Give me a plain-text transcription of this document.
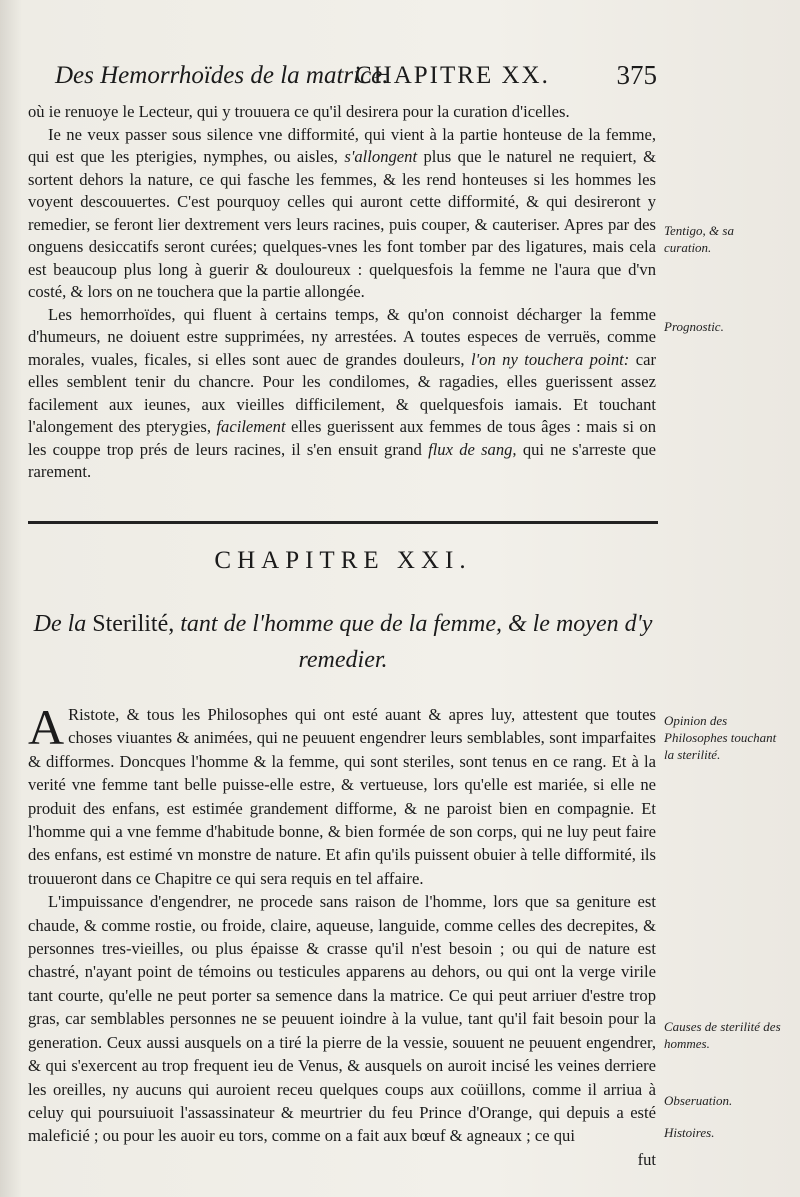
Des Hemorrhoïdes de la matrice.
CHAPITRE XX. 375

où ie renuoye le Lecteur, qui y trouuera ce qu'il desirera pour la curation d'icelles.

Ie ne veux passer sous silence vne difformité, qui vient à la partie honteuse de la femme, qui est que les pterigies, nymphes, ou aisles, s'allongent plus que le naturel ne requiert, & sortent dehors la nature, ce qui fasche les femmes, & les rend honteuses si les hommes les voyent descouuertes. C'est pourquoy celles qui auront cette difformité, & qui desireront y remedier, se feront lier dextrement vers leurs racines, puis couper, & cauteriser. Apres par des onguens desiccatifs seront curées; quelques-vnes les font tomber par des ligatures, mais cela est beaucoup plus long à guerir & douloureux : quelquesfois la femme ne l'aura que d'vn costé, & lors on ne touchera que la partie allongée.

Les hemorrhoïdes, qui fluent à certains temps, & qu'on connoist décharger la femme d'humeurs, ne doiuent estre supprimées, ny arrestées. A toutes especes de verruës, comme morales, vuales, ficales, si elles sont auec de grandes douleurs, l'on ny touchera point: car elles semblent tenir du chancre. Pour les condilomes, & ragadies, elles guerissent assez facilement aux ieunes, aux vieilles difficilement, & quelquesfois iamais. Et touchant l'alongement des pterygies, facilement elles guerissent aux femmes de tous âges : mais si on les couppe trop prés de leurs racines, il s'en ensuit grand flux de sang, qui ne s'arreste que rarement.

Tentigo, & sa curation.
Prognostic.
CHAPITRE XXI.
De la Sterilité, tant de l'homme que de la femme, & le moyen d'y remedier.

A Ristote, & tous les Philosophes qui ont esté auant & apres luy, attestent que toutes choses viuantes & animées, qui ne peuuent engendrer leurs semblables, sont imparfaites & difformes. Doncques l'homme & la femme, qui sont steriles, sont tenus en ce rang. Et à la verité vne femme tant belle puisse-elle estre, & vertueuse, lors qu'elle est mariée, si elle ne produit des enfans, est estimée grandement difforme, & ne paroist bien en compagnie. Et l'homme qui a vne femme d'habitude bonne, & bien formée de son corps, qui ne luy peut faire des enfans, est estimé vn monstre de nature. Et afin qu'ils puissent obuier à telle difformité, ils trouueront dans ce Chapitre ce qui sera requis en tel affaire.

L'impuissance d'engendrer, ne procede sans raison de l'homme, lors que sa geniture est chaude, & comme rostie, ou froide, claire, aqueuse, languide, comme celles des decrepites, & personnes tres-vieilles, ou plus épaisse & crasse qu'il n'est besoin ; ou qui de nature est chastré, n'ayant point de témoins ou testicules apparens au dehors, ou qui ont la verge virile tant courte, qu'elle ne peut porter sa semence dans la matrice. Ce qui peut arriuer d'estre trop gras, car semblables personnes ne se peuuent ioindre à la vulue, tant qu'il fait besoin pour la generation. Ceux aussi ausquels on a tiré la pierre de la vessie, souuent ne peuuent engendrer, & qui s'exercent au trop frequent ieu de Venus, & ausquels on auroit incisé les veines derriere les oreilles, ny aucuns qui auroient receu quelques coups aux coüillons, comme il arriua à celuy qui poursuiuoit l'assassinateur & meurtrier du feu Prince d'Orange, qui depuis a esté maleficié ; ou pour les auoir eu tors, comme on a fait aux bœuf & agneaux ; ce qui

fut

Opinion des Philosophes touchant la sterilité.
Causes de sterilité des hommes.
Obseruation.
Histoires.
